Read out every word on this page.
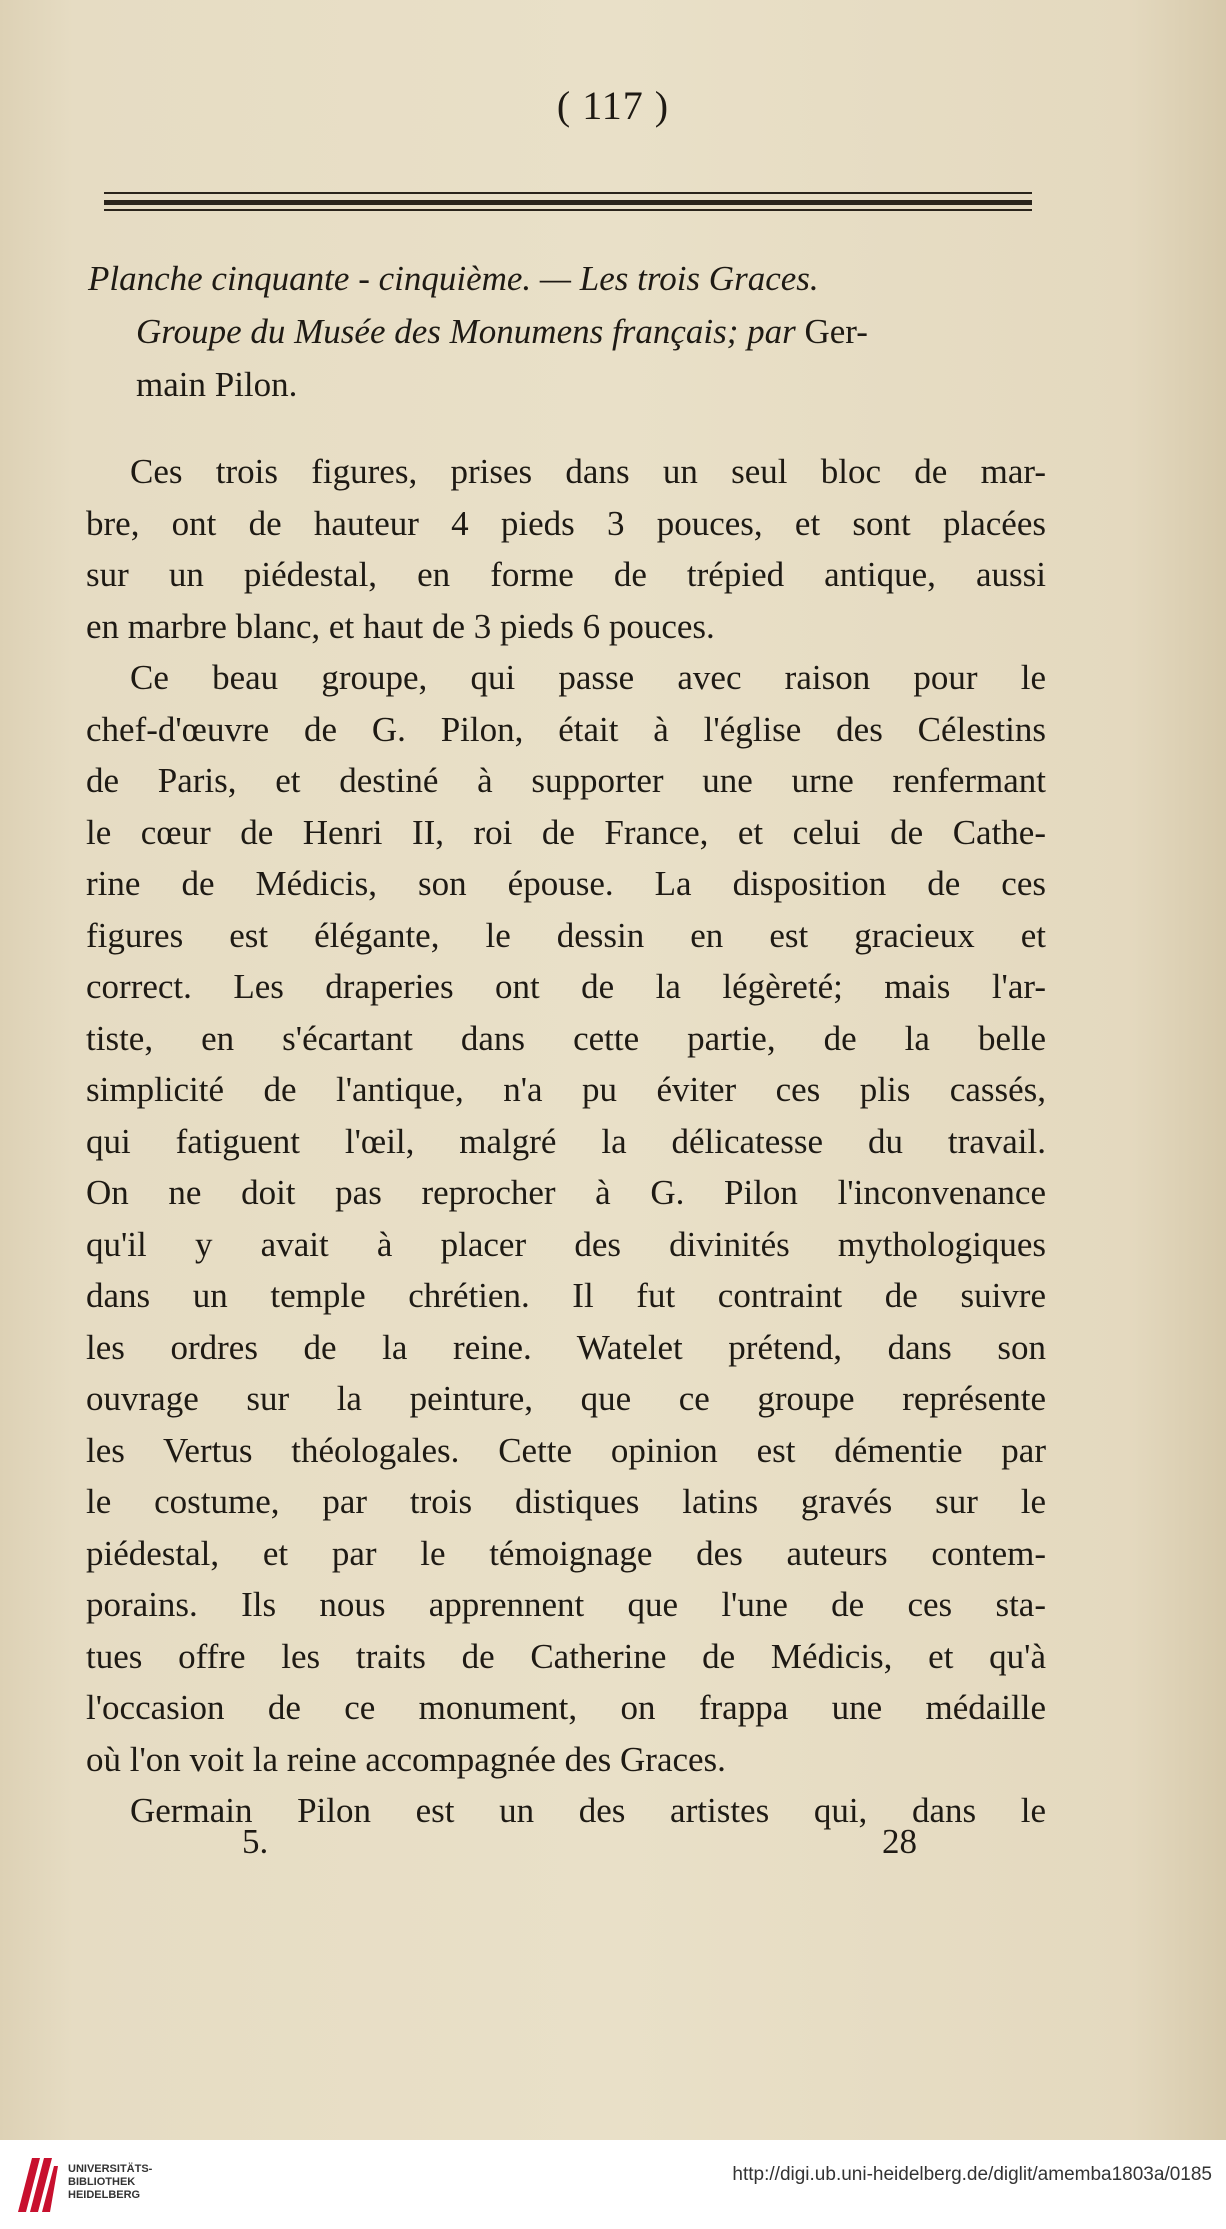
( 117 )
Planche cinquante - cinquième. — Les trois Graces.
Groupe du Musée des Monumens français; par Ger-
main Pilon.
Ces trois figures, prises dans un seul bloc de mar-
bre, ont de hauteur 4 pieds 3 pouces, et sont placées
sur un piédestal, en forme de trépied antique, aussi
en marbre blanc, et haut de 3 pieds 6 pouces.
Ce beau groupe, qui passe avec raison pour le
chef-d'œuvre de G. Pilon, était à l'église des Célestins
de Paris, et destiné à supporter une urne renfermant
le cœur de Henri II, roi de France, et celui de Cathe-
rine de Médicis, son épouse. La disposition de ces
figures est élégante, le dessin en est gracieux et
correct. Les draperies ont de la légèreté; mais l'ar-
tiste, en s'écartant dans cette partie, de la belle
simplicité de l'antique, n'a pu éviter ces plis cassés,
qui fatiguent l'œil, malgré la délicatesse du travail.
On ne doit pas reprocher à G. Pilon l'inconvenance
qu'il y avait à placer des divinités mythologiques
dans un temple chrétien. Il fut contraint de suivre
les ordres de la reine. Watelet prétend, dans son
ouvrage sur la peinture, que ce groupe représente
les Vertus théologales. Cette opinion est démentie par
le costume, par trois distiques latins gravés sur le
piédestal, et par le témoignage des auteurs contem-
porains. Ils nous apprennent que l'une de ces sta-
tues offre les traits de Catherine de Médicis, et qu'à
l'occasion de ce monument, on frappa une médaille
où l'on voit la reine accompagnée des Graces.
Germain Pilon est un des artistes qui, dans le
5.	28
UNIVERSITÄTS-
BIBLIOTHEK
HEIDELBERG
http://digi.ub.uni-heidelberg.de/diglit/amemba1803a/0185
